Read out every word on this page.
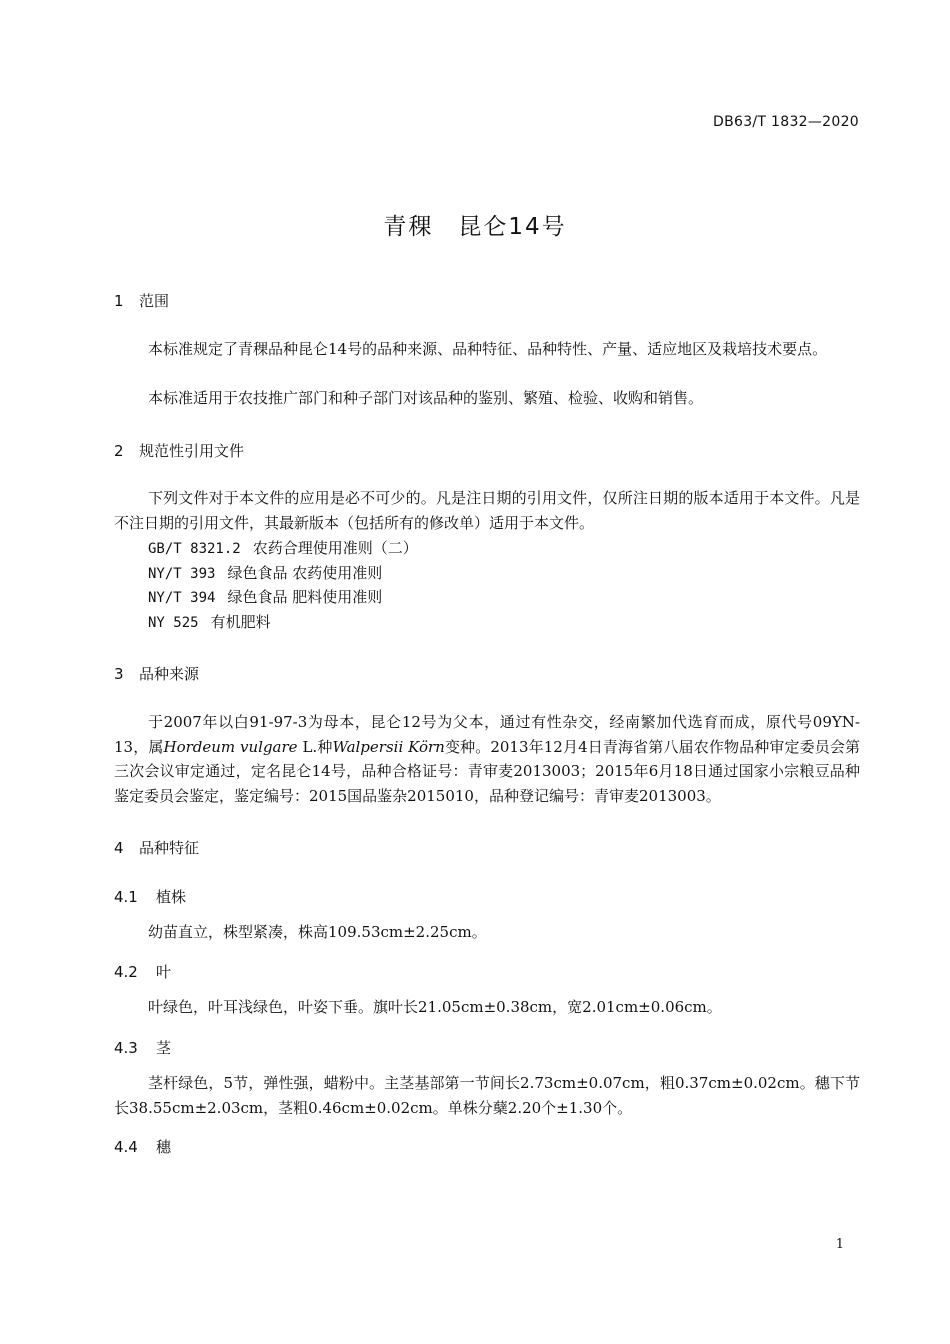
DB63/T 1832—2020
青稞　昆仑14号
1 范围
本标准规定了青稞品种昆仑14号的品种来源、品种特征、品种特性、产量、适应地区及栽培技术要点。
本标准适用于农技推广部门和种子部门对该品种的鉴别、繁殖、检验、收购和销售。
2 规范性引用文件
下列文件对于本文件的应用是必不可少的。凡是注日期的引用文件，仅所注日期的版本适用于本文件。凡是不注日期的引用文件，其最新版本（包括所有的修改单）适用于本文件。
GB/T 8321.2 农药合理使用准则（二）
NY/T 393 绿色食品 农药使用准则
NY/T 394 绿色食品 肥料使用准则
NY 525 有机肥料
3 品种来源
于2007年以白91-97-3为母本，昆仑12号为父本，通过有性杂交，经南繁加代选育而成，原代号09YN-13，属Hordeum vulgare L.种Walpersii Körn变种。2013年12月4日青海省第八届农作物品种审定委员会第三次会议审定通过，定名昆仑14号，品种合格证号：青审麦2013003；2015年6月18日通过国家小宗粮豆品种鉴定委员会鉴定，鉴定编号：2015国品鉴杂2015010，品种登记编号：青审麦2013003。
4 品种特征
4.1 植株
幼苗直立，株型紧凑，株高109.53cm±2.25cm。
4.2 叶
叶绿色，叶耳浅绿色，叶姿下垂。旗叶长21.05cm±0.38cm，宽2.01cm±0.06cm。
4.3 茎
茎杆绿色，5节，弹性强，蜡粉中。主茎基部第一节间长2.73cm±0.07cm，粗0.37cm±0.02cm。穗下节长38.55cm±2.03cm，茎粗0.46cm±0.02cm。单株分蘖2.20个±1.30个。
4.4 穗
1
